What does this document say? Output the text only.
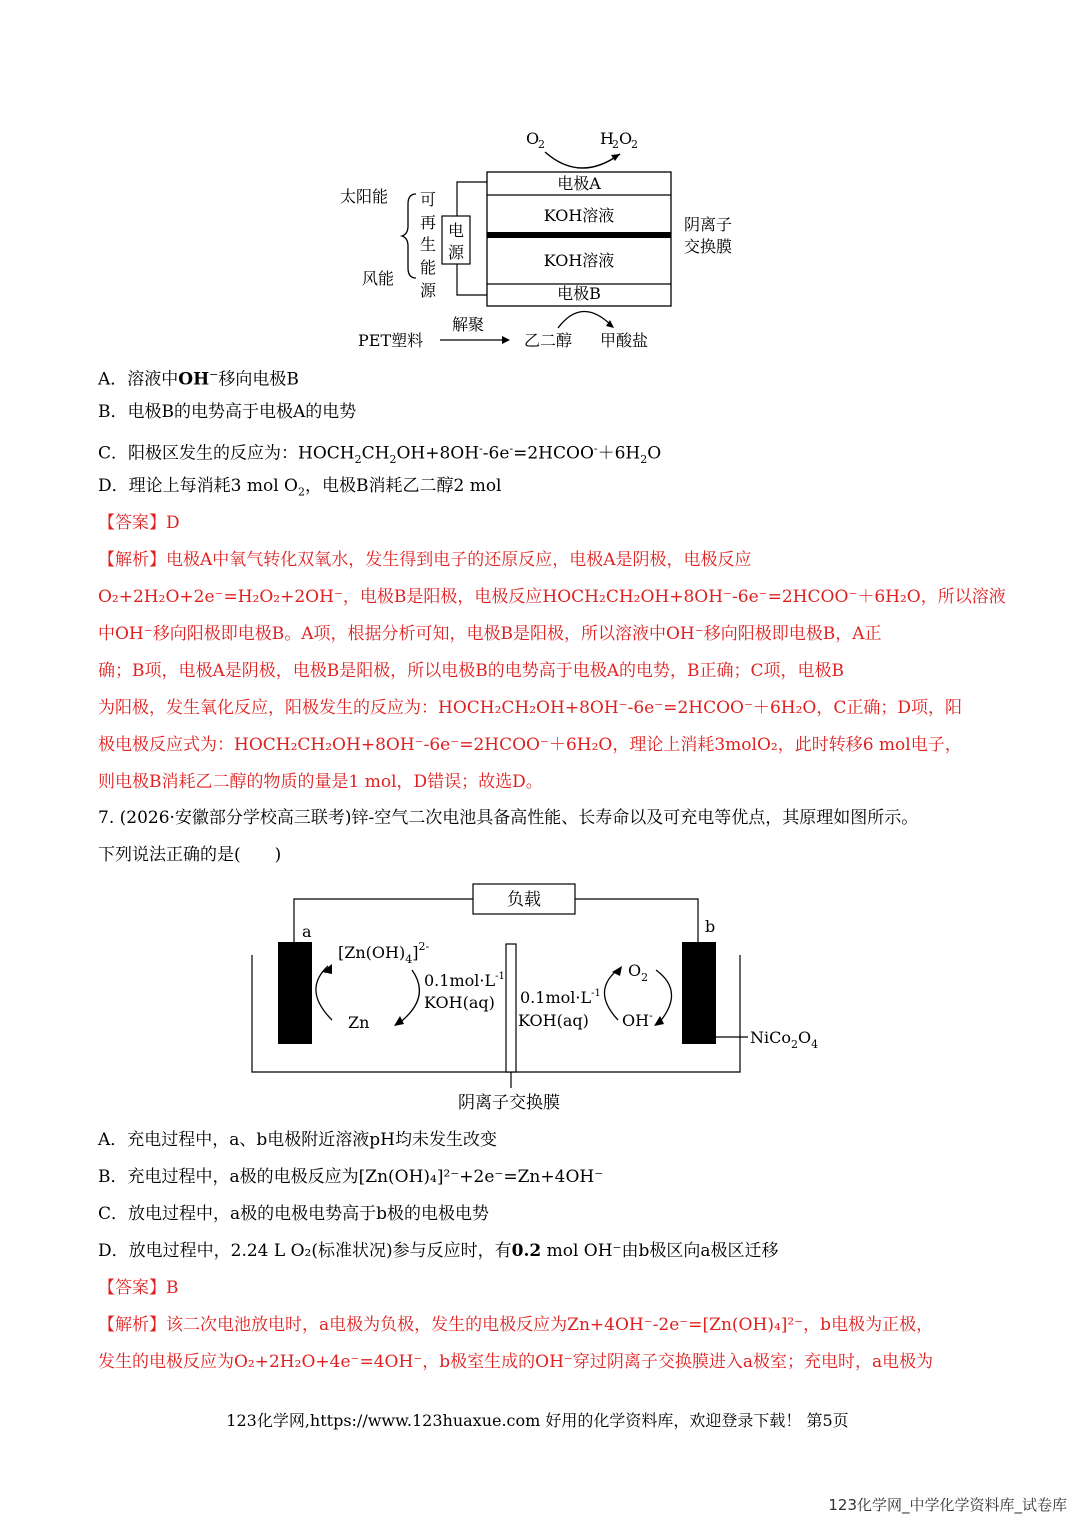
O
2	H
2 O
2
电极A
KOH溶液
KOH溶液
电极B
阴离子
交换膜
电
源
可
再
生
能
源
太阳能
风能
PET塑料
解聚
乙二醇 甲酸盐
A．溶液中OH−移向电极B
B．电极B的电势高于电极A的电势
C．阳极区发生的反应为：$HOCH_2CH_2OH+8OH^--6e^-=2HCOO^-+6H_2O$
D．理论上每消耗3 mol $O_2$，电极B消耗乙二醇2 mol
【答案】D
【解析】电极A中氧气转化双氧水，发生得到电子的还原反应，电极A是阴极，电极反应
O₂+2H₂O+2e⁻=H₂O₂+2OH⁻，电极B是阳极，电极反应HOCH₂CH₂OH+8OH⁻-6e⁻=2HCOO⁻＋6H₂O，所以溶液
中OH⁻移向阳极即电极B。A项，根据分析可知，电极B是阳极，所以溶液中OH⁻移向阳极即电极B，A正
确；B项，电极A是阴极，电极B是阳极，所以电极B的电势高于电极A的电势，B正确；C项，电极B
为阳极，发生氧化反应，阳极发生的反应为：HOCH₂CH₂OH+8OH⁻-6e⁻=2HCOO⁻＋6H₂O，C正确；D项，阳
极电极反应式为：HOCH₂CH₂OH+8OH⁻-6e⁻=2HCOO⁻＋6H₂O，理论上消耗3molO₂，此时转移6 mol电子，
则电极B消耗乙二醇的物质的量是1 mol，D错误；故选D。
7. (2026·安徽部分学校高三联考)锌-空气二次电池具备高性能、长寿命以及可充电等优点，其原理如图所示。
下列说法正确的是(　　)
负载
a	b
阴离子交换膜
$[Zn(OH)_4]^{2-}$
Zn
$0.1mol\cdot L^{-1}$
KOH(aq) $0.1mol\cdot L^{-1}$
KOH(aq)
$O_2$
OH-
$NiCo_2O_4$
A．充电过程中，a、b电极附近溶液pH均未发生改变
B．充电过程中，a极的电极反应为[Zn(OH)₄]²⁻+2e⁻=Zn+4OH⁻
C．放电过程中，a极的电极电势高于b极的电极电势
D．放电过程中，2.24 L O₂(标准状况)参与反应时，有0.2 mol OH⁻由b极区向a极区迁移
【答案】B
【解析】该二次电池放电时，a电极为负极，发生的电极反应为Zn+4OH⁻-2e⁻=[Zn(OH)₄]²⁻，b电极为正极，
发生的电极反应为O₂+2H₂O+4e⁻=4OH⁻，b极室生成的OH⁻穿过阴离子交换膜进入a极室；充电时，a电极为
123化学网,https://www.123huaxue.com 好用的化学资料库，欢迎登录下载！ 第5页
123化学网_中学化学资料库_试卷库
